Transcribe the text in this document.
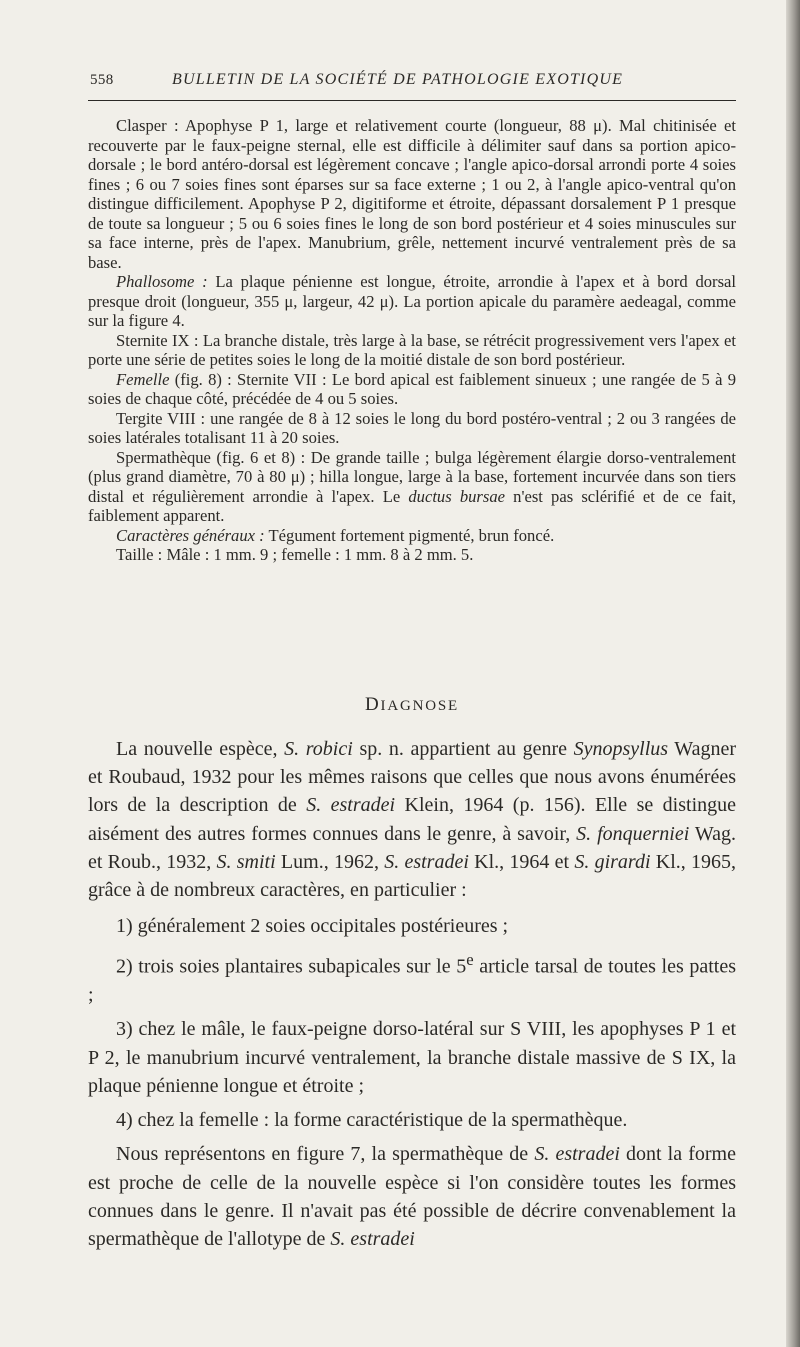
558	BULLETIN DE LA SOCIÉTÉ DE PATHOLOGIE EXOTIQUE

Clasper : Apophyse P 1, large et relativement courte (longueur, 88 μ). Mal chitinisée et recouverte par le faux-peigne sternal, elle est difficile à délimiter sauf dans sa portion apico-dorsale ; le bord antéro-dorsal est légèrement concave ; l'angle apico-dorsal arrondi porte 4 soies fines ; 6 ou 7 soies fines sont éparses sur sa face externe ; 1 ou 2, à l'angle apico-ventral qu'on distingue difficilement. Apophyse P 2, digitiforme et étroite, dépassant dorsalement P 1 presque de toute sa longueur ; 5 ou 6 soies fines le long de son bord postérieur et 4 soies minuscules sur sa face interne, près de l'apex. Manubrium, grêle, nettement incurvé ventralement près de sa base.

Phallosome : La plaque pénienne est longue, étroite, arrondie à l'apex et à bord dorsal presque droit (longueur, 355 μ, largeur, 42 μ). La portion apicale du paramère aedeagal, comme sur la figure 4.

Sternite IX : La branche distale, très large à la base, se rétrécit progressivement vers l'apex et porte une série de petites soies le long de la moitié distale de son bord postérieur.

Femelle (fig. 8) : Sternite VII : Le bord apical est faiblement sinueux ; une rangée de 5 à 9 soies de chaque côté, précédée de 4 ou 5 soies.

Tergite VIII : une rangée de 8 à 12 soies le long du bord postéro-ventral ; 2 ou 3 rangées de soies latérales totalisant 11 à 20 soies.

Spermathèque (fig. 6 et 8) : De grande taille ; bulga légèrement élargie dorso-ventralement (plus grand diamètre, 70 à 80 μ) ; hilla longue, large à la base, fortement incurvée dans son tiers distal et régulièrement arrondie à l'apex. Le ductus bursae n'est pas sclérifié et de ce fait, faiblement apparent.

Caractères généraux : Tégument fortement pigmenté, brun foncé.

Taille : Mâle : 1 mm. 9 ; femelle : 1 mm. 8 à 2 mm. 5.

DIAGNOSE

La nouvelle espèce, S. robici sp. n. appartient au genre Synopsyllus Wagner et Roubaud, 1932 pour les mêmes raisons que celles que nous avons énumérées lors de la description de S. estradei Klein, 1964 (p. 156). Elle se distingue aisément des autres formes connues dans le genre, à savoir, S. fonquerniei Wag. et Roub., 1932, S. smiti Lum., 1962, S. estradei Kl., 1964 et S. girardi Kl., 1965, grâce à de nombreux caractères, en particulier :

1) généralement 2 soies occipitales postérieures ;

2) trois soies plantaires subapicales sur le 5e article tarsal de toutes les pattes ;

3) chez le mâle, le faux-peigne dorso-latéral sur S VIII, les apophyses P 1 et P 2, le manubrium incurvé ventralement, la branche distale massive de S IX, la plaque pénienne longue et étroite ;

4) chez la femelle : la forme caractéristique de la spermathèque.

Nous représentons en figure 7, la spermathèque de S. estradei dont la forme est proche de celle de la nouvelle espèce si l'on considère toutes les formes connues dans le genre. Il n'avait pas été possible de décrire convenablement la spermathèque de l'allotype de S. estradei
